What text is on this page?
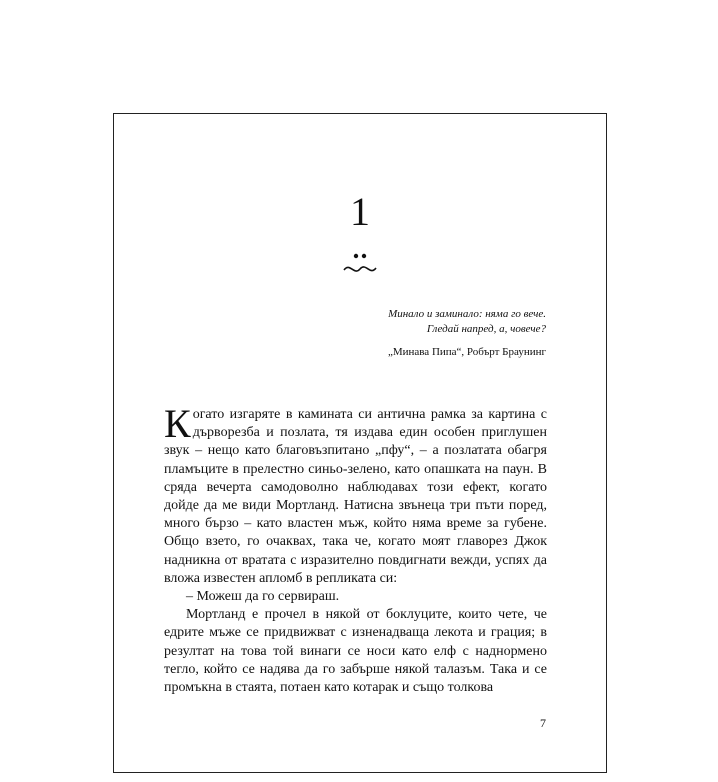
1
Минало и заминало: няма го вече.
Гледай напред, а, човече?
„Минава Пипа“, Робърт Браунинг

Когато изгаряте в камината си антична рамка за картина с дърворезба и позлата, тя издава един особен приглушен звук – нещо като благовъзпитано „пфу“, – а позлатата обагря пламъците в прелестно синьо-зелено, като опашката на паун. В сряда вечерта самодоволно наблюдавах този ефект, когато дойде да ме види Мортланд. Натисна звънеца три пъти поред, много бързо – като властен мъж, който няма време за губене. Общо взето, го очаквах, така че, когато моят главорез Джок надникна от вратата с изразително повдигнати вежди, успях да вложа известен апломб в репликата си:

– Можеш да го сервираш.

Мортланд е прочел в някой от боклуците, които чете, че едрите мъже се придвижват с изненадваща лекота и грация; в резултат на това той винаги се носи като елф с наднормено тегло, който се надява да го забърше някой талазъм. Така и се промъкна в стаята, потаен като котарак и също толкова

7
